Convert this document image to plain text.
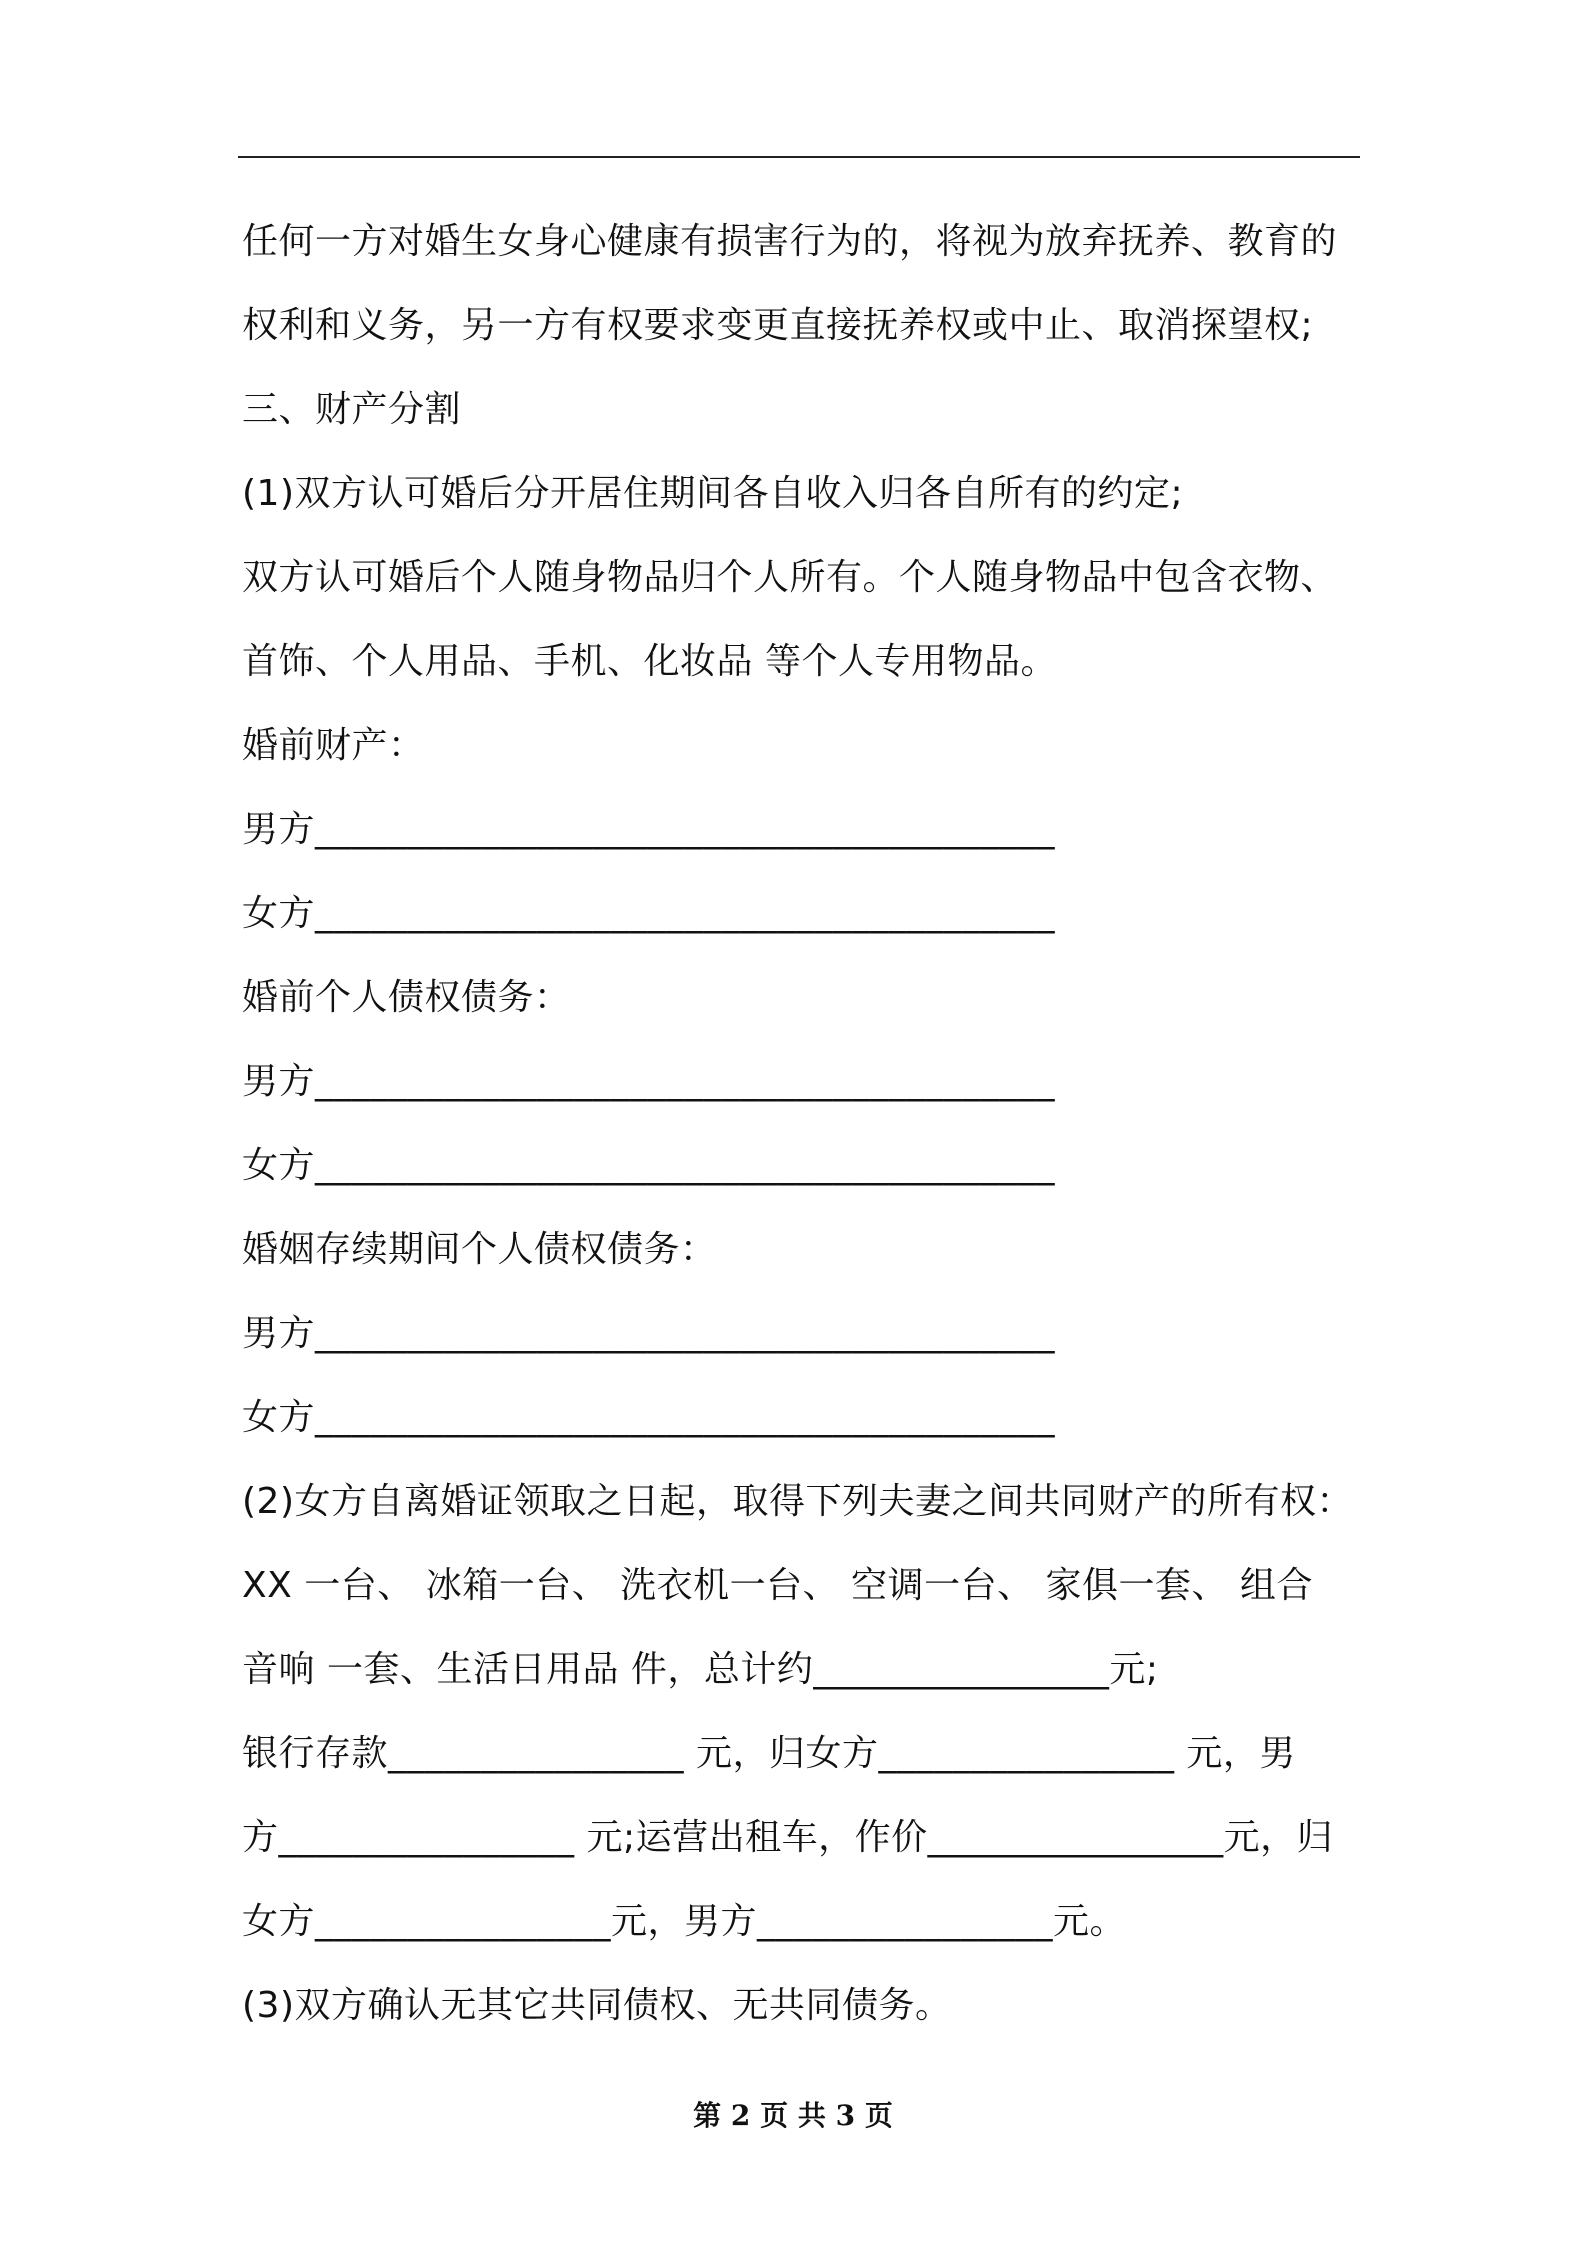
任何一方对婚生女身心健康有损害行为的，将视为放弃抚养、教育的
权利和义务，另一方有权要求变更直接抚养权或中止、取消探望权;
三、财产分割
(1)双方认可婚后分开居住期间各自收入归各自所有的约定;
双方认可婚后个人随身物品归个人所有。个人随身物品中包含衣物、
首饰、个人用品、手机、化妆品 等个人专用物品。
婚前财产：
男方________________________________________
女方________________________________________
婚前个人债权债务：
男方________________________________________
女方________________________________________
婚姻存续期间个人债权债务：
男方________________________________________
女方________________________________________
(2)女方自离婚证领取之日起，取得下列夫妻之间共同财产的所有权：
XX 一台、 冰箱一台、 洗衣机一台、 空调一台、 家俱一套、 组合
音响 一套、生活日用品 件，总计约________________元;
银行存款________________ 元，归女方________________ 元，男
方________________ 元;运营出租车，作价________________元，归
女方________________元，男方________________元。
(3)双方确认无其它共同债权、无共同债务。
第 2 页 共 3 页
